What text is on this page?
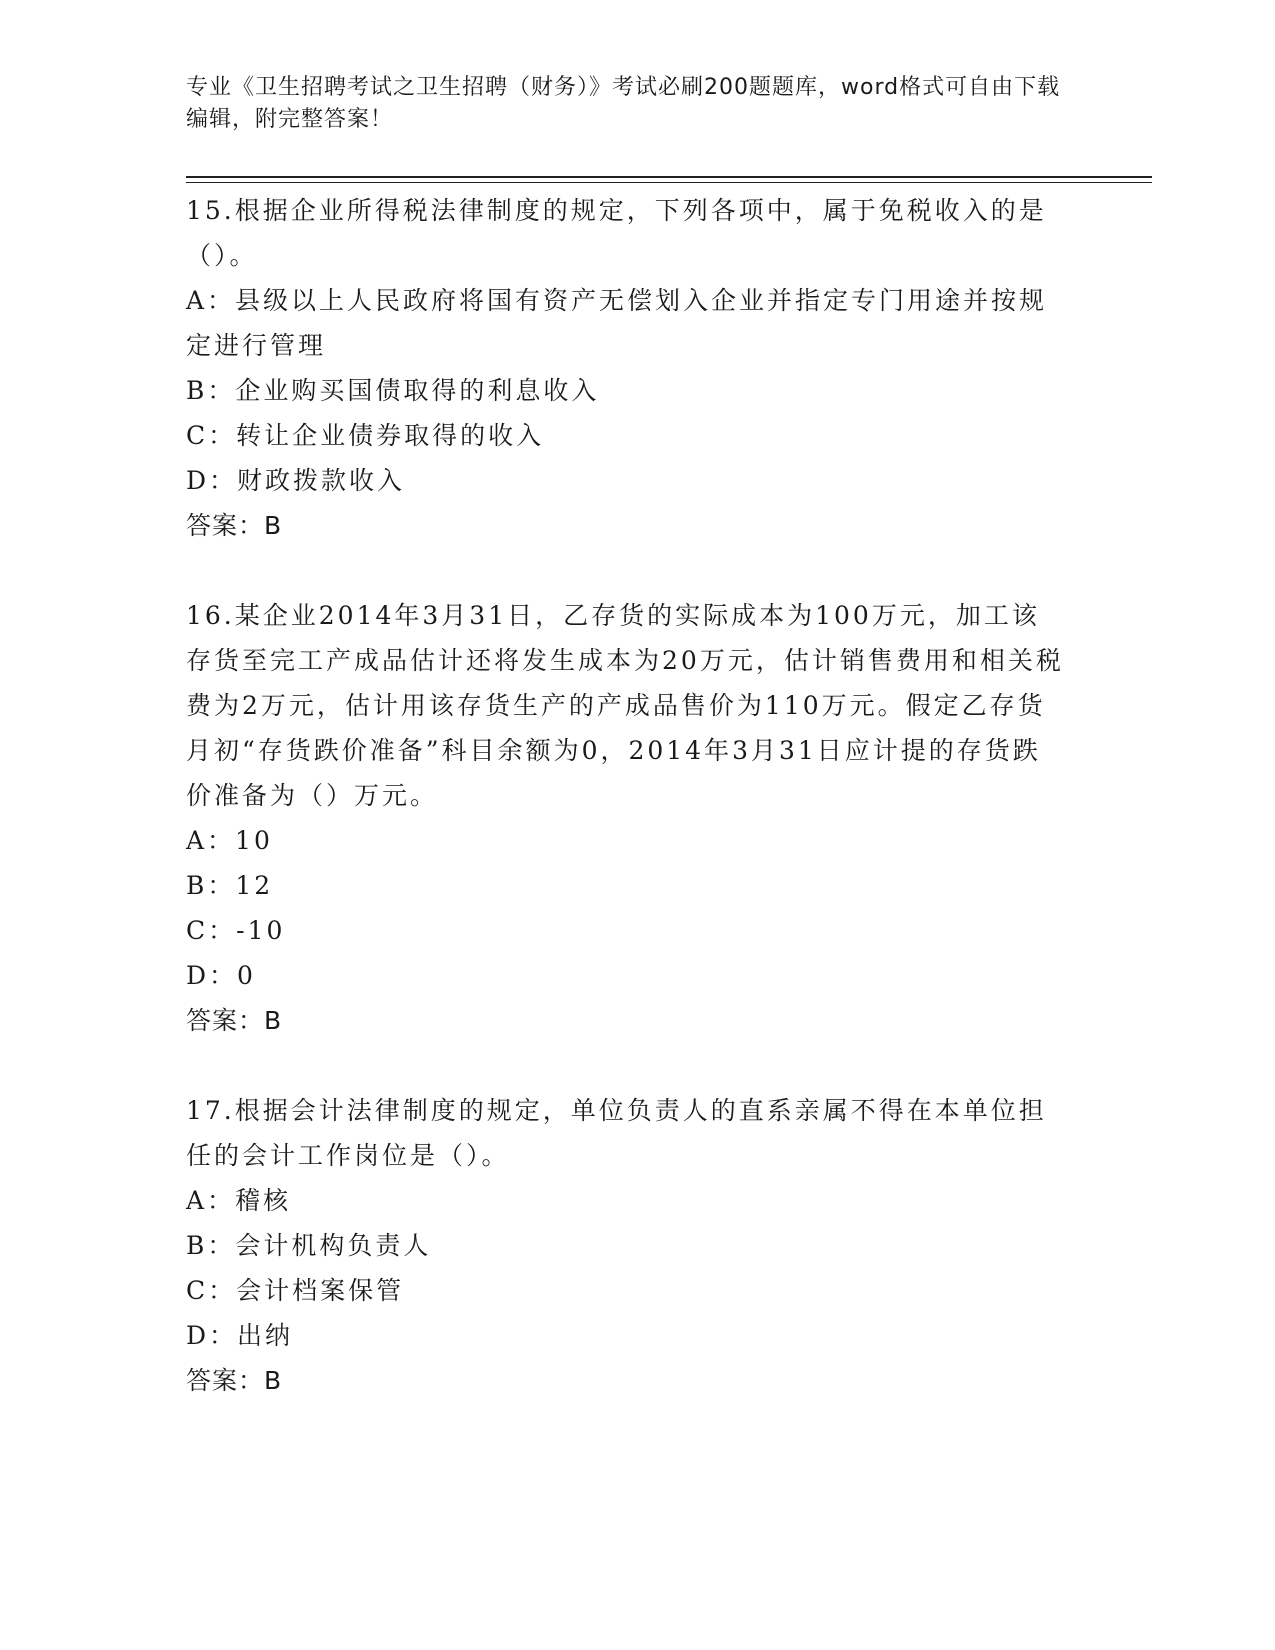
专业《卫生招聘考试之卫生招聘（财务）》考试必刷200题题库，word格式可自由下载编辑，附完整答案！

15.根据企业所得税法律制度的规定，下列各项中，属于免税收入的是（）。

A：县级以上人民政府将国有资产无偿划入企业并指定专门用途并按规定进行管理

B：企业购买国债取得的利息收入

C：转让企业债券取得的收入

D：财政拨款收入

答案：B

16.某企业2014年3月31日，乙存货的实际成本为100万元，加工该存货至完工产成品估计还将发生成本为20万元，估计销售费用和相关税费为2万元，估计用该存货生产的产成品售价为110万元。假定乙存货月初“存货跌价准备”科目余额为0，2014年3月31日应计提的存货跌价准备为（）万元。

A：10

B：12

C：-10

D：0

答案：B

17.根据会计法律制度的规定，单位负责人的直系亲属不得在本单位担任的会计工作岗位是（）。

A：稽核

B：会计机构负责人

C：会计档案保管

D：出纳

答案：B
